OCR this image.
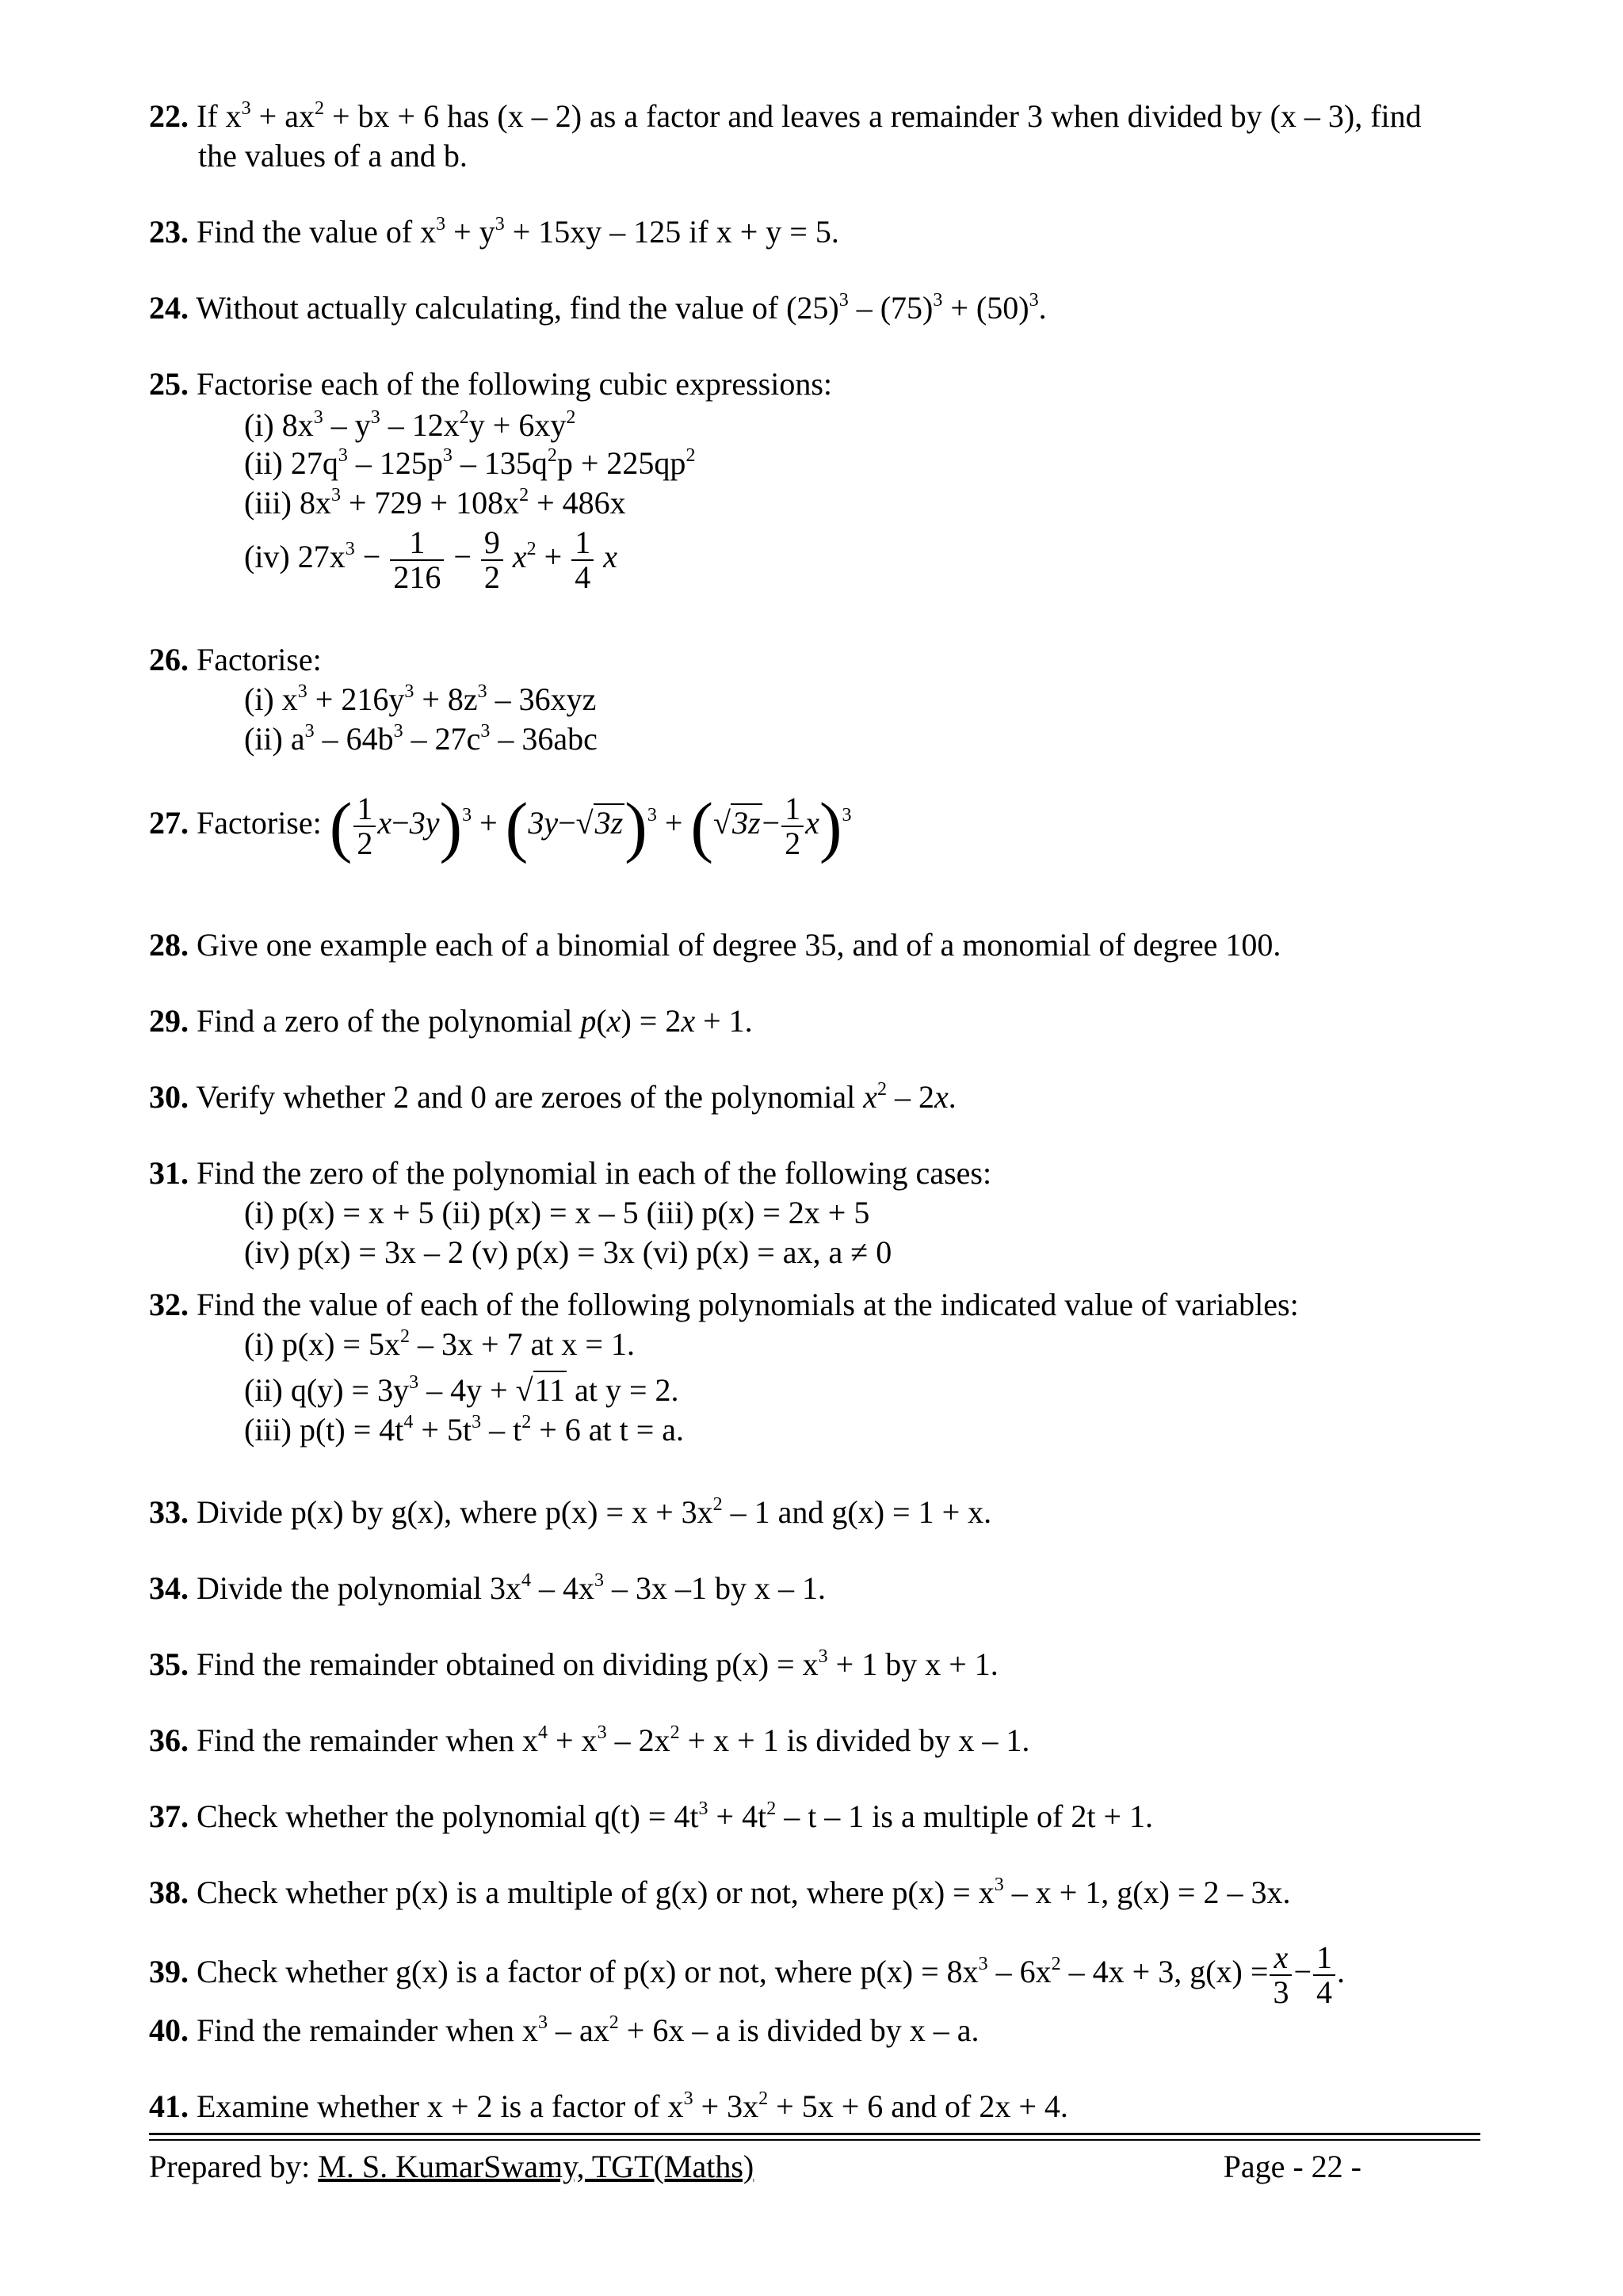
22. If $x^3 + ax^2$ + bx + 6 has (x – 2) as a factor and leaves a remainder 3 when divided by (x – 3), find
the values of a and b.
23. Find the value of $x^3 + y^3 + 15xy - 125$ if x + y = 5.
24. Without actually calculating, find the value of $(25)^3 - (75)^3 + (50)^3$.
25. Factorise each of the following cubic expressions:
(i) $8x^3 - y^3 - 12x^2y + 6xy^2$
(ii) $27q^3 - 125p^3 - 135q^2p + 225qp^2$
(iii) $8x^3 + 729 + 108x^2 + 486x$
(iv) $27x^3 - \frac{1}{216} - \frac{9}{2} x^2 + \frac{1}{4}$ x
26. Factorise:
(i) $x^3 + 216y^3 + 8z^3 - 36xyz$
(ii) $a^3 - 64b^3 - 27c^3 - 36abc$
27. Factorise: ( $\frac{1}{2} x-3y)^3 + (3y-√3z)^3 + (√3z- \frac{1}{2} x)^3$
28. Give one example each of a binomial of degree 35, and of a monomial of degree 100.
29. Find a zero of the polynomial p(x) = 2x + 1.
30. Verify whether 2 and 0 are zeroes of the polynomial $x^2 - 2x$.
31. Find the zero of the polynomial in each of the following cases:
(i) p(x) = x + 5 (ii) p(x) = x – 5 (iii) p(x) = 2x + 5
(iv) p(x) = 3x – 2 (v) p(x) = 3x (vi) p(x) = ax, a ≠ 0
32. Find the value of each of the following polynomials at the indicated value of variables:
(i) $p(x) = 5x^2 - 3x + 7$ at x = 1.
(ii) $q(y) = 3y^3 - 4y + √11$ at y = 2.
(iii) $p(t) = 4t^4 + 5t^3 - t^2 + 6$ at t = a.
33. Divide p(x) by g(x), where $p(x) = x + 3x^2 - 1$ and g(x) = 1 + x.
34. Divide the polynomial $3x^4 - 4x^3 - 3x$ –1 by x – 1.
35. Find the remainder obtained on dividing $p(x) = x^3 + 1$ by x + 1.
36. Find the remainder when $x^4 + x^3 - 2x^2 + x + 1$ is divided by x – 1.
37. Check whether the polynomial $q(t) = 4t^3 + 4t^2 - t - 1$ is a multiple of 2t + 1.
38. Check whether p(x) is a multiple of g(x) or not, where $p(x) = x^3 - x + 1$, g(x) = 2 – 3x.
39. Check whether g(x) is a factor of p(x) or not, where $p(x) = 8x^3 - 6x^2 - 4x + 3$, $g(x) = \frac{x}{3} - \frac{1}{4}$ .
40. Find the remainder when $x^3 - ax^2 + 6x - a$ is divided by x – a.
41. Examine whether x + 2 is a factor of $x^3 + 3x^2 + 5x + 6$ and of 2x + 4.
Prepared by: M. S. KumarSwamy, TGT(Maths)	Page - 22 -
